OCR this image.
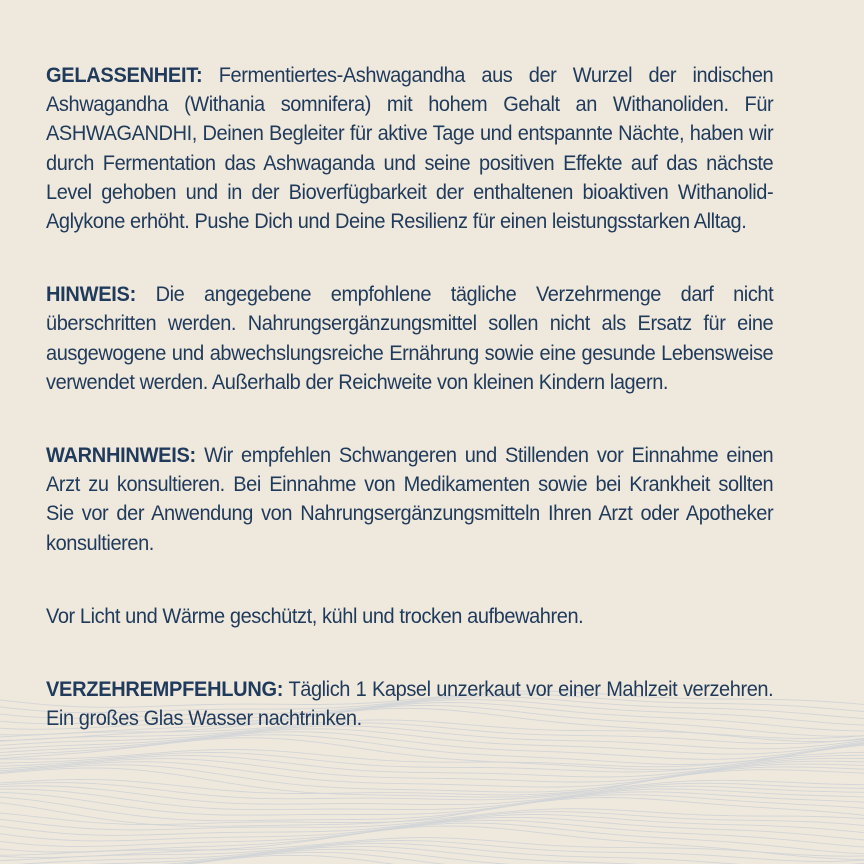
GELASSENHEIT: Fermentiertes-Ashwagandha aus der Wurzel der indischen Ashwagandha (Withania somnifera) mit hohem Gehalt an Withanoliden. Für ASHWAGANDHI, Deinen Begleiter für aktive Tage und entspannte Nächte, haben wir durch Fermentation das Ashwaganda und seine positiven Effekte auf das nächste Level gehoben und in der Bioverfügbarkeit der enthaltenen bioaktiven Withanolid-Aglykone erhöht. Pushe Dich und Deine Resilienz für einen leistungsstarken Alltag.

HINWEIS: Die angegebene empfohlene tägliche Verzehrmenge darf nicht überschritten werden. Nahrungsergänzungsmittel sollen nicht als Ersatz für eine ausgewogene und abwechslungsreiche Ernährung sowie eine gesunde Lebensweise verwendet werden. Außerhalb der Reichweite von kleinen Kindern lagern.

WARNHINWEIS: Wir empfehlen Schwangeren und Stillenden vor Einnahme einen Arzt zu konsultieren. Bei Einnahme von Medikamenten sowie bei Krankheit sollten Sie vor der Anwendung von Nahrungsergänzungsmitteln Ihren Arzt oder Apotheker konsultieren.

Vor Licht und Wärme geschützt, kühl und trocken aufbewahren.

VERZEHREMPFEHLUNG: Täglich 1 Kapsel unzerkaut vor einer Mahlzeit verzehren. Ein großes Glas Wasser nachtrinken.
